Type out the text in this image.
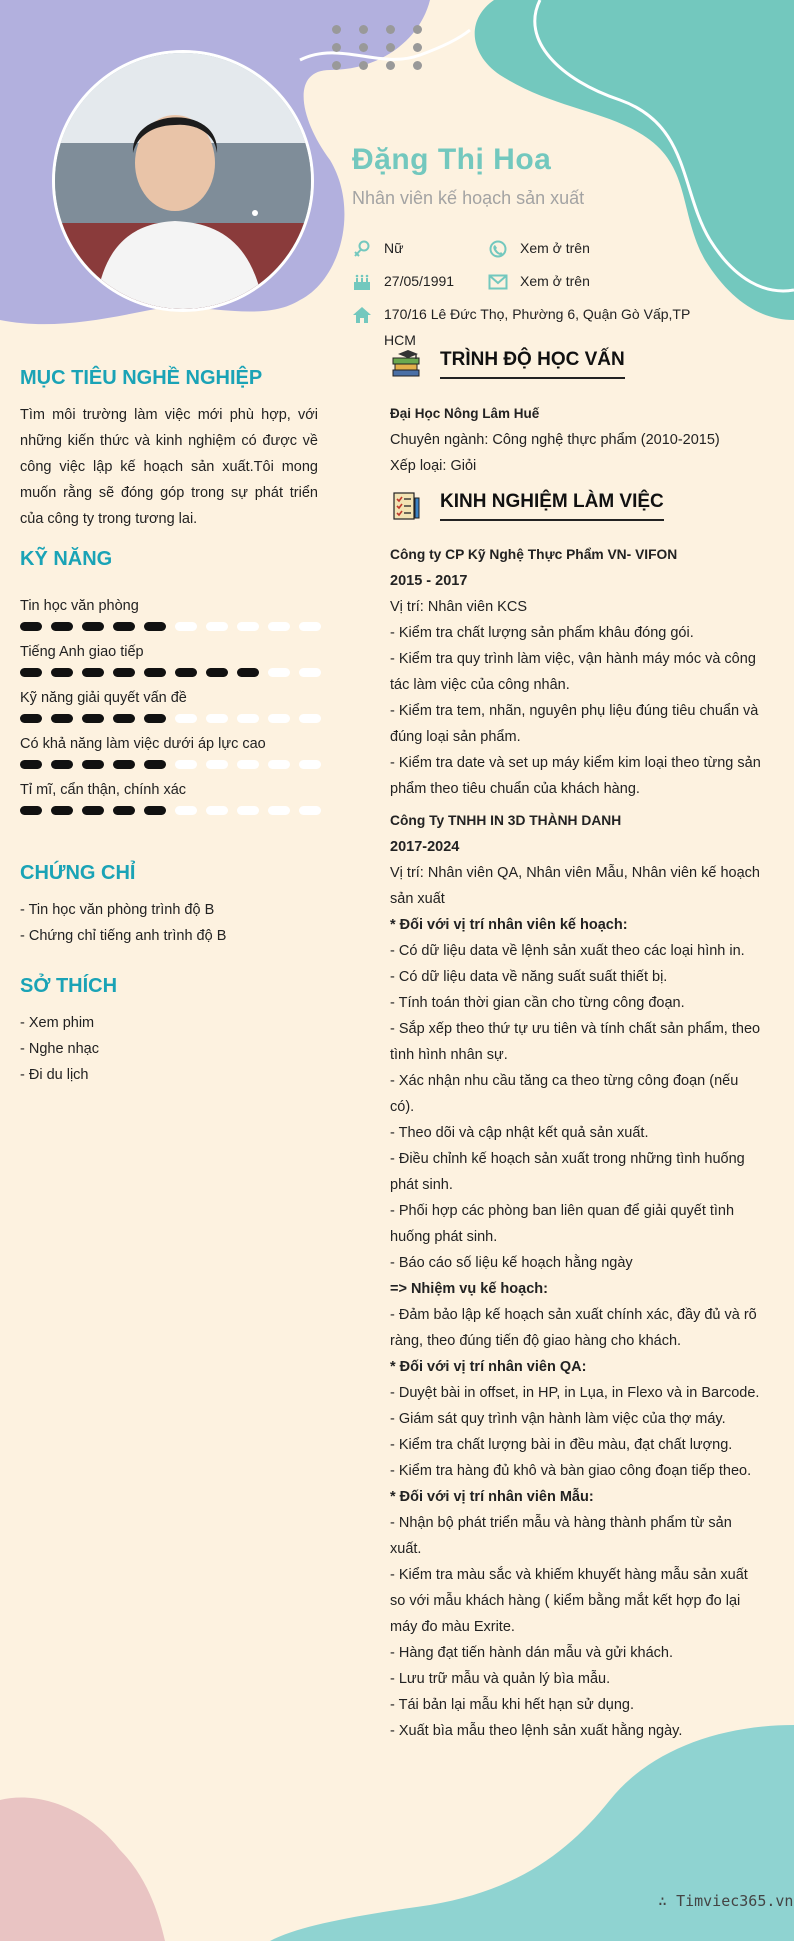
Đặng Thị Hoa
Nhân viên kế hoạch sản xuất
Nữ	Xem ở trên
27/05/1991	Xem ở trên
170/16 Lê Đức Thọ, Phường 6, Quận Gò Vấp,TP
HCM
MỤC TIÊU NGHỀ NGHIỆP
Tìm môi trường làm việc mới phù hợp, với những kiến thức và kinh nghiệm có được về công việc lập kế hoạch sản xuất.Tôi mong muốn rằng sẽ đóng góp trong sự phát triển của công ty trong tương lai.
KỸ NĂNG
Tin học văn phòng
Tiếng Anh giao tiếp
Kỹ năng giải quyết vấn đề
Có khả năng làm việc dưới áp lực cao
Tỉ mĩ, cẩn thận, chính xác
CHỨNG CHỈ
- Tin học văn phòng trình độ B
- Chứng chỉ tiếng anh trình độ B
SỞ THÍCH
- Xem phim
- Nghe nhạc
- Đi du lịch
TRÌNH ĐỘ HỌC VẤN
Đại Học Nông Lâm Huế
Chuyên ngành: Công nghệ thực phẩm (2010-2015)
Xếp loại: Giỏi
KINH NGHIỆM LÀM VIỆC
Công ty CP Kỹ Nghệ Thực Phẩm VN- VIFON
2015 - 2017
Vị trí: Nhân viên KCS
- Kiểm tra chất lượng sản phẩm khâu đóng gói.
- Kiểm tra quy trình làm việc, vận hành máy móc và công tác làm việc của công nhân.
- Kiểm tra tem, nhãn, nguyên phụ liệu đúng tiêu chuẩn và đúng loại sản phẩm.
- Kiểm tra date và set up máy kiểm kim loại theo từng sản phẩm theo tiêu chuẩn của khách hàng.
Công Ty TNHH IN 3D THÀNH DANH
2017-2024
Vị trí: Nhân viên QA, Nhân viên Mẫu, Nhân viên kế hoạch sản xuất
* Đối với vị trí nhân viên kế hoạch:
- Có dữ liệu data về lệnh sản xuất theo các loại hình in.
- Có dữ liệu data về năng suất suất thiết bị.
- Tính toán thời gian cần cho từng công đoạn.
- Sắp xếp theo thứ tự ưu tiên và tính chất sản phẩm, theo tình hình nhân sự.
- Xác nhận nhu cầu tăng ca theo từng công đoạn (nếu có).
- Theo dõi và cập nhật kết quả sản xuất.
- Điều chỉnh kế hoạch sản xuất trong những tình huống phát sinh.
- Phối hợp các phòng ban liên quan để giải quyết tình huống phát sinh.
- Báo cáo số liệu kế hoạch hằng ngày
=> Nhiệm vụ kế hoạch:
- Đảm bảo lập kế hoạch sản xuất chính xác, đầy đủ và rõ ràng, theo đúng tiến độ giao hàng cho khách.
* Đối với vị trí nhân viên QA:
- Duyệt bài in offset, in HP, in Lụa, in Flexo và in Barcode.
- Giám sát quy trình vận hành làm việc của thợ máy.
- Kiểm tra chất lượng bài in đều màu, đạt chất lượng.
- Kiểm tra hàng đủ khô và bàn giao công đoạn tiếp theo.
* Đối với vị trí nhân viên Mẫu:
- Nhận bộ phát triển mẫu và hàng thành phẩm từ sản xuất.
- Kiểm tra màu sắc và khiếm khuyết hàng mẫu sản xuất so với mẫu khách hàng ( kiểm bằng mắt kết hợp đo lại máy đo màu Exrite.
- Hàng đạt tiến hành dán mẫu và gửi khách.
- Lưu trữ mẫu và quản lý bìa mẫu.
- Tái bản lại mẫu khi hết hạn sử dụng.
- Xuất bìa mẫu theo lệnh sản xuất hằng ngày.
∴ Timviec365.vn
